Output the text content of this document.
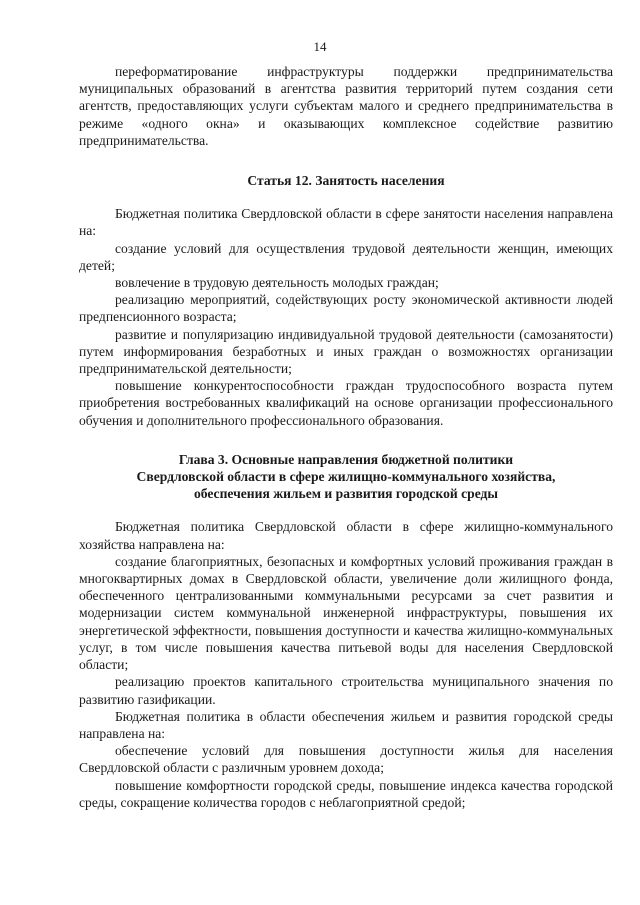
14

переформатирование инфраструктуры поддержки предпринимательства муниципальных образований в агентства развития территорий путем создания сети агентств, предоставляющих услуги субъектам малого и среднего предпринимательства в режиме «одного окна» и оказывающих комплексное содействие развитию предпринимательства.

Статья 12. Занятость населения

Бюджетная политика Свердловской области в сфере занятости населения направлена на:

создание условий для осуществления трудовой деятельности женщин, имеющих детей;

вовлечение в трудовую деятельность молодых граждан;

реализацию мероприятий, содействующих росту экономической активности людей предпенсионного возраста;

развитие и популяризацию индивидуальной трудовой деятельности (самозанятости) путем информирования безработных и иных граждан о возможностях организации предпринимательской деятельности;

повышение конкурентоспособности граждан трудоспособного возраста путем приобретения востребованных квалификаций на основе организации профессионального обучения и дополнительного профессионального образования.

Глава 3. Основные направления бюджетной политики

Свердловской области в сфере жилищно-коммунального хозяйства,

обеспечения жильем и развития городской среды

Бюджетная политика Свердловской области в сфере жилищно-коммунального хозяйства направлена на:

создание благоприятных, безопасных и комфортных условий проживания граждан в многоквартирных домах в Свердловской области, увеличение доли жилищного фонда, обеспеченного централизованными коммунальными ресурсами за счет развития и модернизации систем коммунальной инженерной инфраструктуры, повышения их энергетической эффектности, повышения доступности и качества жилищно-коммунальных услуг, в том числе повышения качества питьевой воды для населения Свердловской области;

реализацию проектов капитального строительства муниципального значения по развитию газификации.

Бюджетная политика в области обеспечения жильем и развития городской среды направлена на:

обеспечение условий для повышения доступности жилья для населения Свердловской области с различным уровнем дохода;

повышение комфортности городской среды, повышение индекса качества городской среды, сокращение количества городов с неблагоприятной средой;
